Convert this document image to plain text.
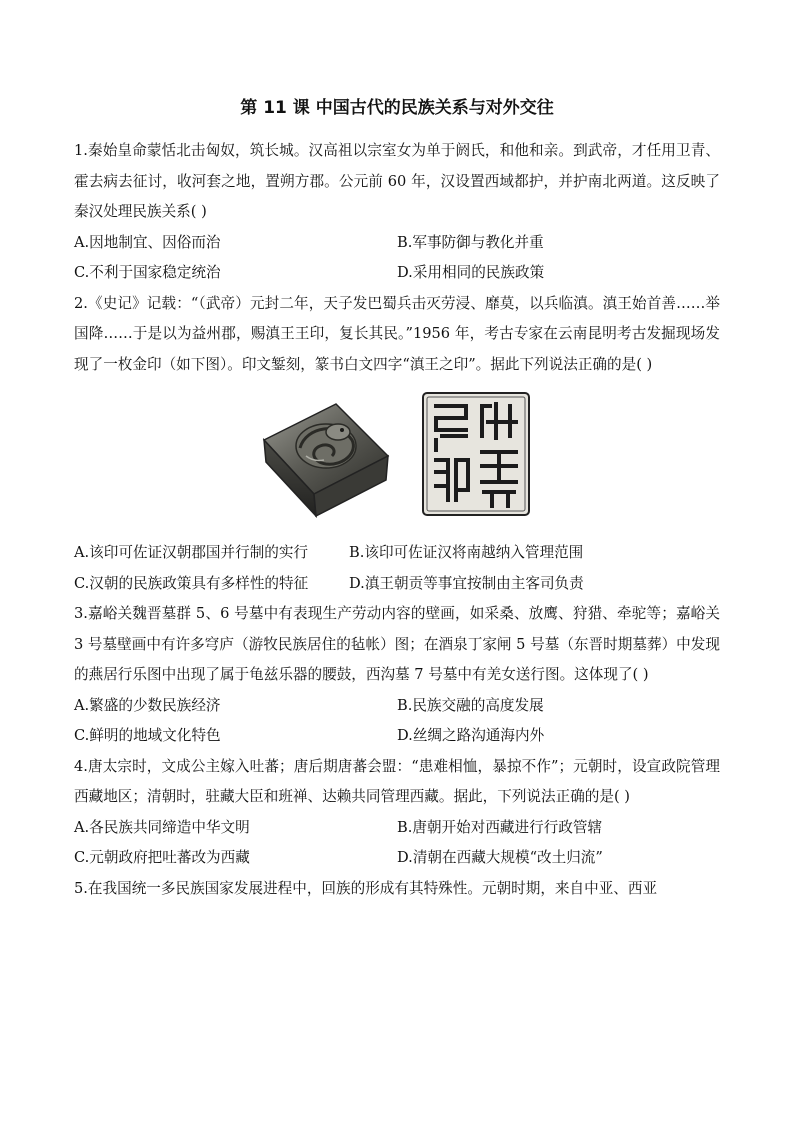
第 11 课 中国古代的民族关系与对外交往

1.秦始皇命蒙恬北击匈奴，筑长城。汉高祖以宗室女为单于阏氏，和他和亲。到武帝，才任用卫青、霍去病去征讨，收河套之地，置朔方郡。公元前 60 年，汉设置西域都护，并护南北两道。这反映了秦汉处理民族关系( )

A.因地制宜、因俗而治	B.军事防御与教化并重
C.不利于国家稳定统治	D.采用相同的民族政策

2.《史记》记载：“（武帝）元封二年，天子发巴蜀兵击灭劳浸、靡莫，以兵临滇。滇王始首善……举国降……于是以为益州郡，赐滇王王印，复长其民。”1956 年，考古专家在云南昆明考古发掘现场发现了一枚金印（如下图）。印文錾刻，篆书白文四字“滇王之印”。据此下列说法正确的是( )

A.该印可佐证汉朝郡国并行制的实行	B.该印可佐证汉将南越纳入管理范围
C.汉朝的民族政策具有多样性的特征	D.滇王朝贡等事宜按制由主客司负责

3.嘉峪关魏晋墓群 5、6 号墓中有表现生产劳动内容的壁画，如采桑、放鹰、狩猎、牵驼等；嘉峪关 3 号墓壁画中有许多穹庐（游牧民族居住的毡帐）图；在酒泉丁家闸 5 号墓（东晋时期墓葬）中发现的燕居行乐图中出现了属于龟兹乐器的腰鼓，西沟墓 7 号墓中有羌女送行图。这体现了( )

A.繁盛的少数民族经济	B.民族交融的高度发展
C.鲜明的地域文化特色	D.丝绸之路沟通海内外

4.唐太宗时，文成公主嫁入吐蕃；唐后期唐蕃会盟：“患难相恤，暴掠不作”；元朝时，设宣政院管理西藏地区；清朝时，驻藏大臣和班禅、达赖共同管理西藏。据此，下列说法正确的是( )

A.各民族共同缔造中华文明	B.唐朝开始对西藏进行行政管辖
C.元朝政府把吐蕃改为西藏	D.清朝在西藏大规模“改土归流”

5.在我国统一多民族国家发展进程中，回族的形成有其特殊性。元朝时期，来自中亚、西亚
